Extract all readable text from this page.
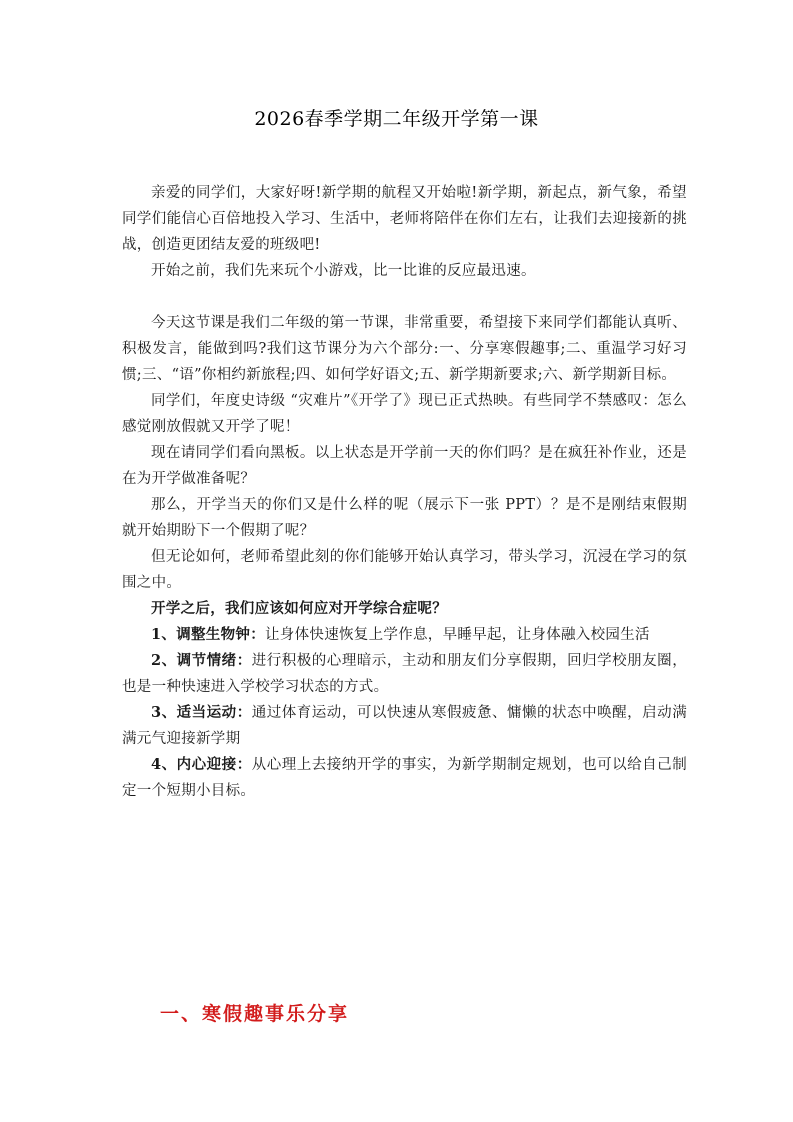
2026春季学期二年级开学第一课

亲爱的同学们，大家好呀!新学期的航程又开始啦!新学期，新起点，新气象，希望同学们能信心百倍地投入学习、生活中，老师将陪伴在你们左右，让我们去迎接新的挑战，创造更团结友爱的班级吧!

开始之前，我们先来玩个小游戏，比一比谁的反应最迅速。

今天这节课是我们二年级的第一节课，非常重要，希望接下来同学们都能认真听、积极发言，能做到吗?我们这节课分为六个部分:一、分享寒假趣事;二、重温学习好习惯;三、“语”你相约新旅程;四、如何学好语文;五、新学期新要求;六、新学期新目标。

同学们，年度史诗级 “灾难片”《开学了》现已正式热映。有些同学不禁感叹：怎么感觉刚放假就又开学了呢！

现在请同学们看向黑板。以上状态是开学前一天的你们吗？是在疯狂补作业，还是在为开学做准备呢？

那么，开学当天的你们又是什么样的呢（展示下一张 PPT）？是不是刚结束假期就开始期盼下一个假期了呢？

但无论如何，老师希望此刻的你们能够开始认真学习，带头学习，沉浸在学习的氛围之中。

开学之后，我们应该如何应对开学综合症呢？

1、调整生物钟：让身体快速恢复上学作息，早睡早起，让身体融入校园生活

2、调节情绪：进行积极的心理暗示，主动和朋友们分享假期，回归学校朋友圈，也是一种快速进入学校学习状态的方式。

3、适当运动：通过体育运动，可以快速从寒假疲惫、慵懒的状态中唤醒，启动满满元气迎接新学期

4、内心迎接：从心理上去接纳开学的事实，为新学期制定规划，也可以给自己制定一个短期小目标。

一、寒假趣事乐分享
